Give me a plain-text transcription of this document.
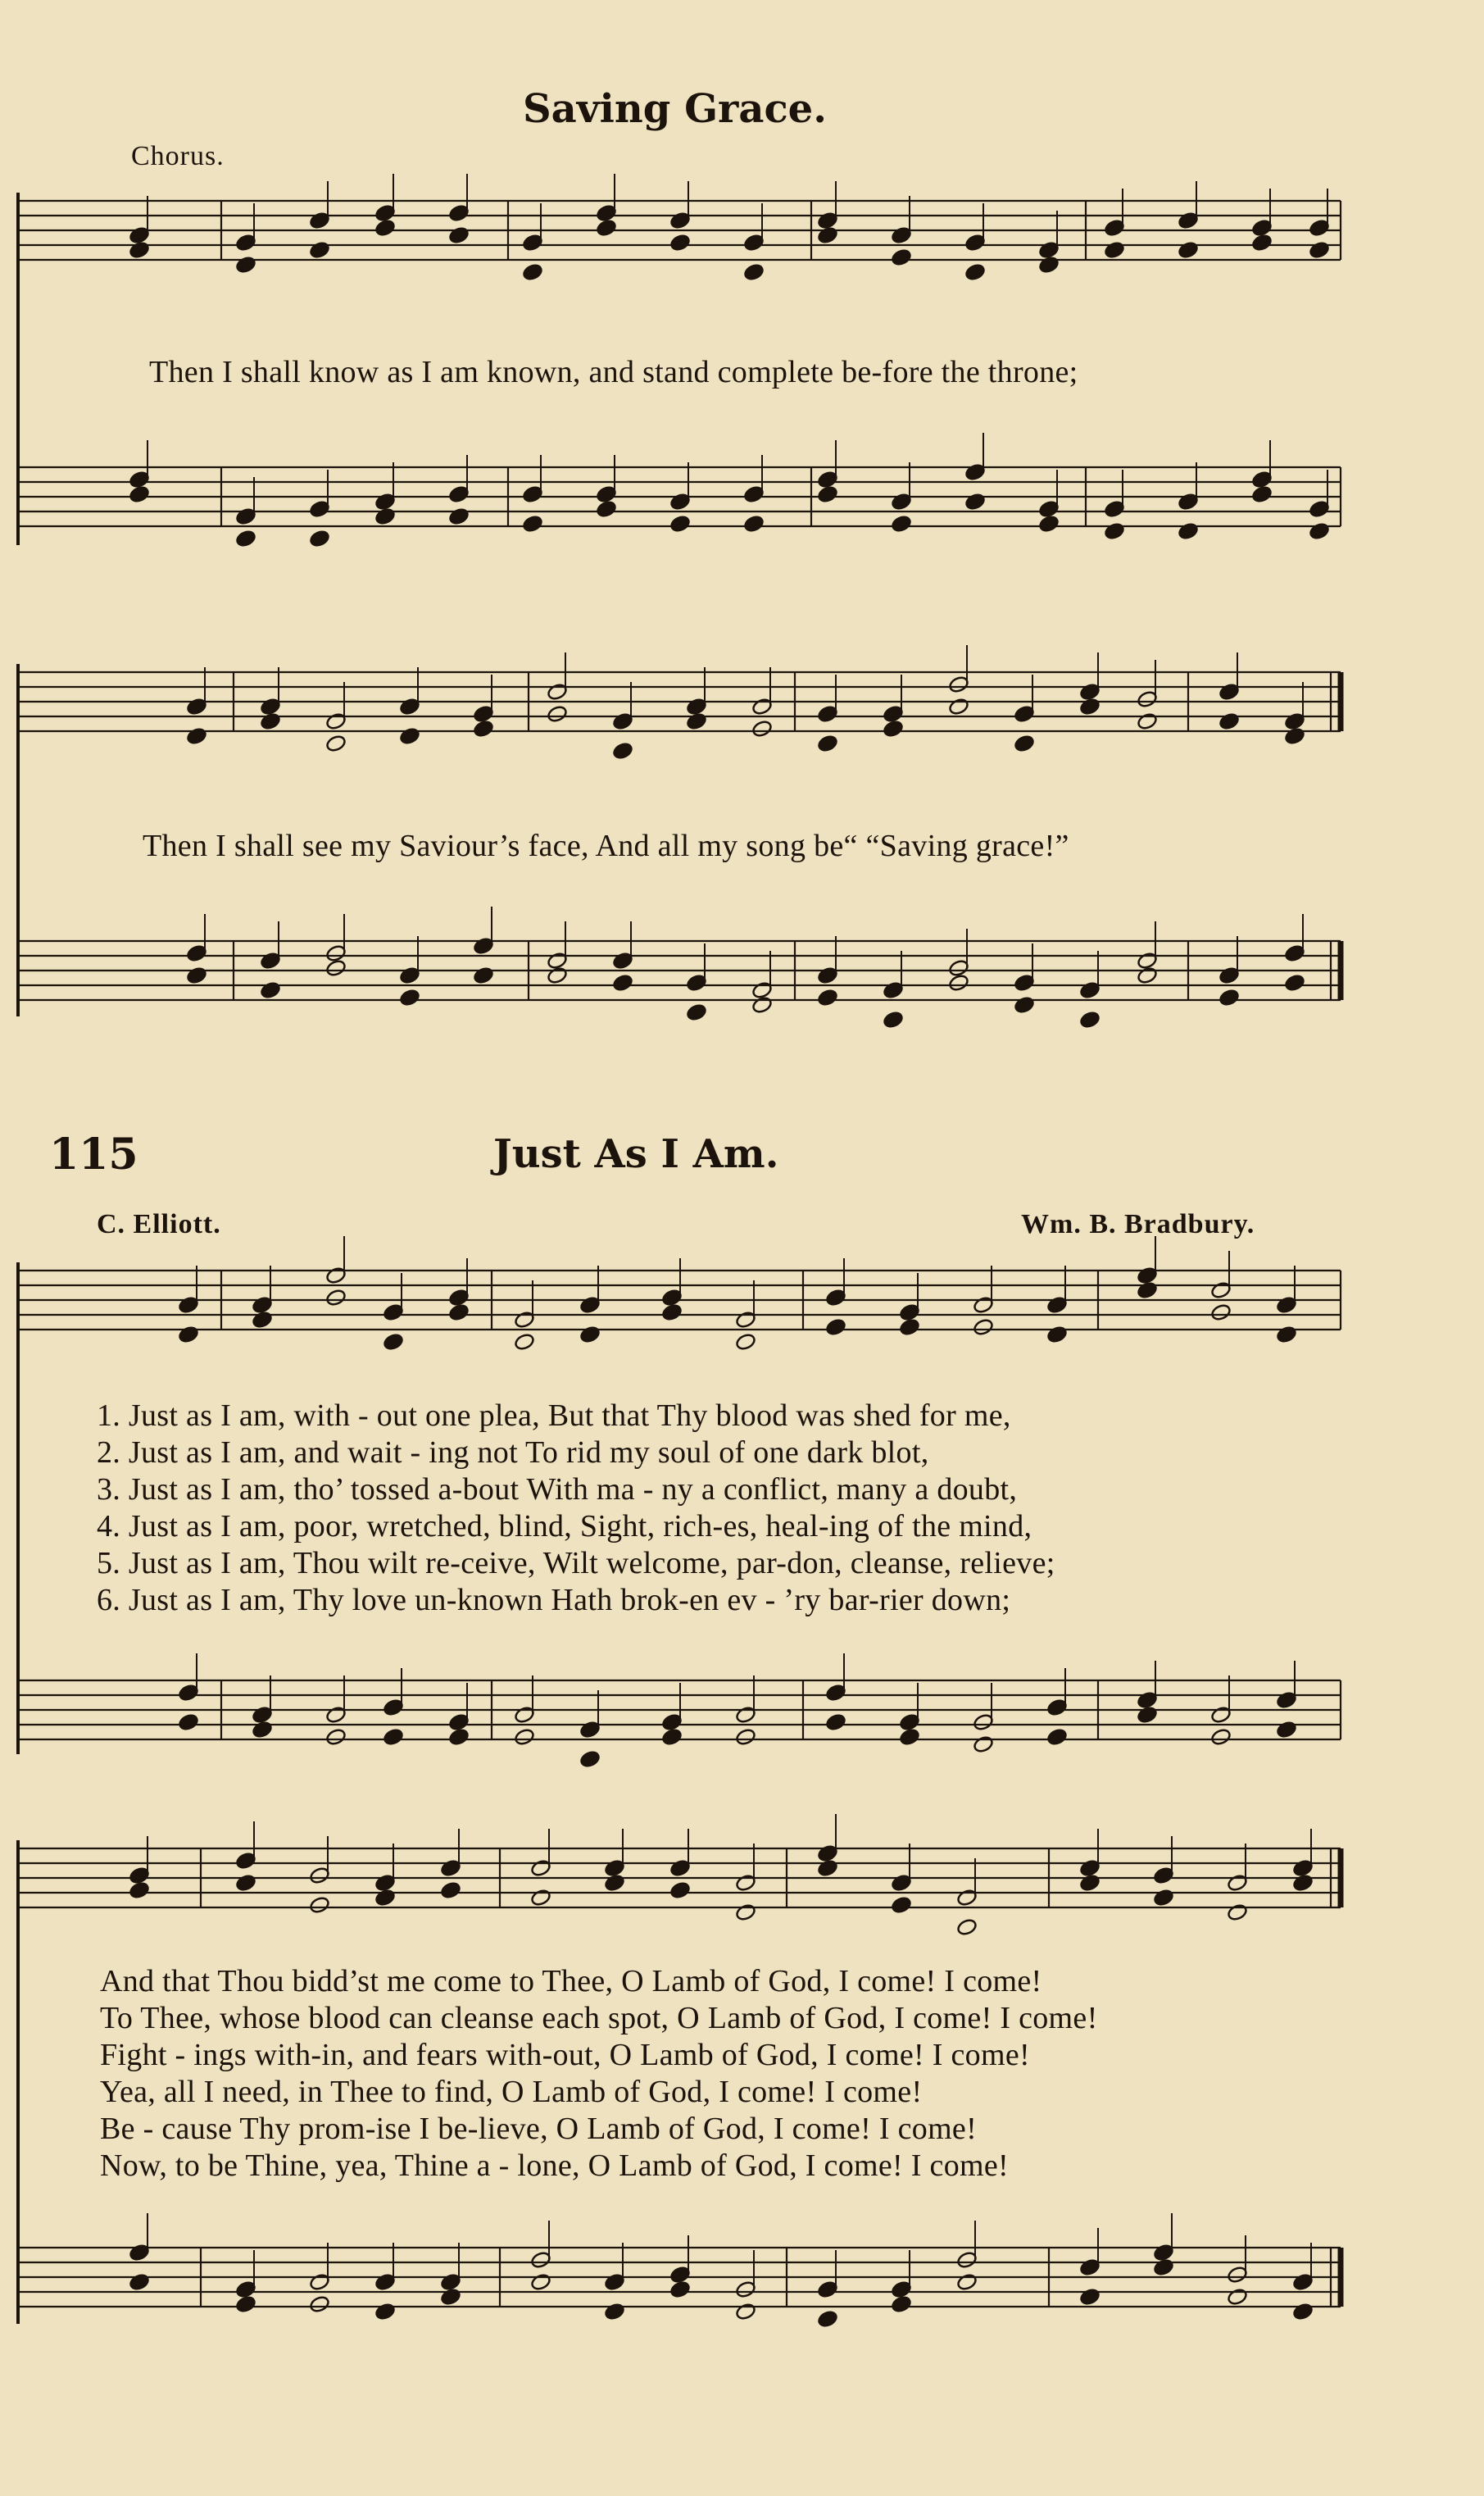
Saving Grace.
Chorus.
Then I shall know as I am known, and stand complete be-fore the throne;
Then I shall see my Saviour’s face, And all my song be“ “Saving grace!”
115	Just As I Am.
C. Elliott.	Wm. B. Bradbury.
1. Just as I am, with - out one plea, But that Thy blood was shed for me,
2. Just as I am, and wait - ing not To rid my soul of one dark blot,
3. Just as I am, tho’ tossed a-bout With ma - ny a conflict, many a doubt,
4. Just as I am, poor, wretched, blind, Sight, rich-es, heal-ing of the mind,
5. Just as I am, Thou wilt re-ceive, Wilt welcome, par-don, cleanse, relieve;
6. Just as I am, Thy love un-known Hath brok-en ev - ’ry bar-rier down;
And that Thou bidd’st me come to Thee, O Lamb of God, I come! I come!
To Thee, whose blood can cleanse each spot, O Lamb of God, I come! I come!
Fight - ings with-in, and fears with-out, O Lamb of God, I come! I come!
Yea, all I need, in Thee to find, O Lamb of God, I come! I come!
Be - cause Thy prom-ise I be-lieve, O Lamb of God, I come! I come!
Now, to be Thine, yea, Thine a - lone, O Lamb of God, I come! I come!
